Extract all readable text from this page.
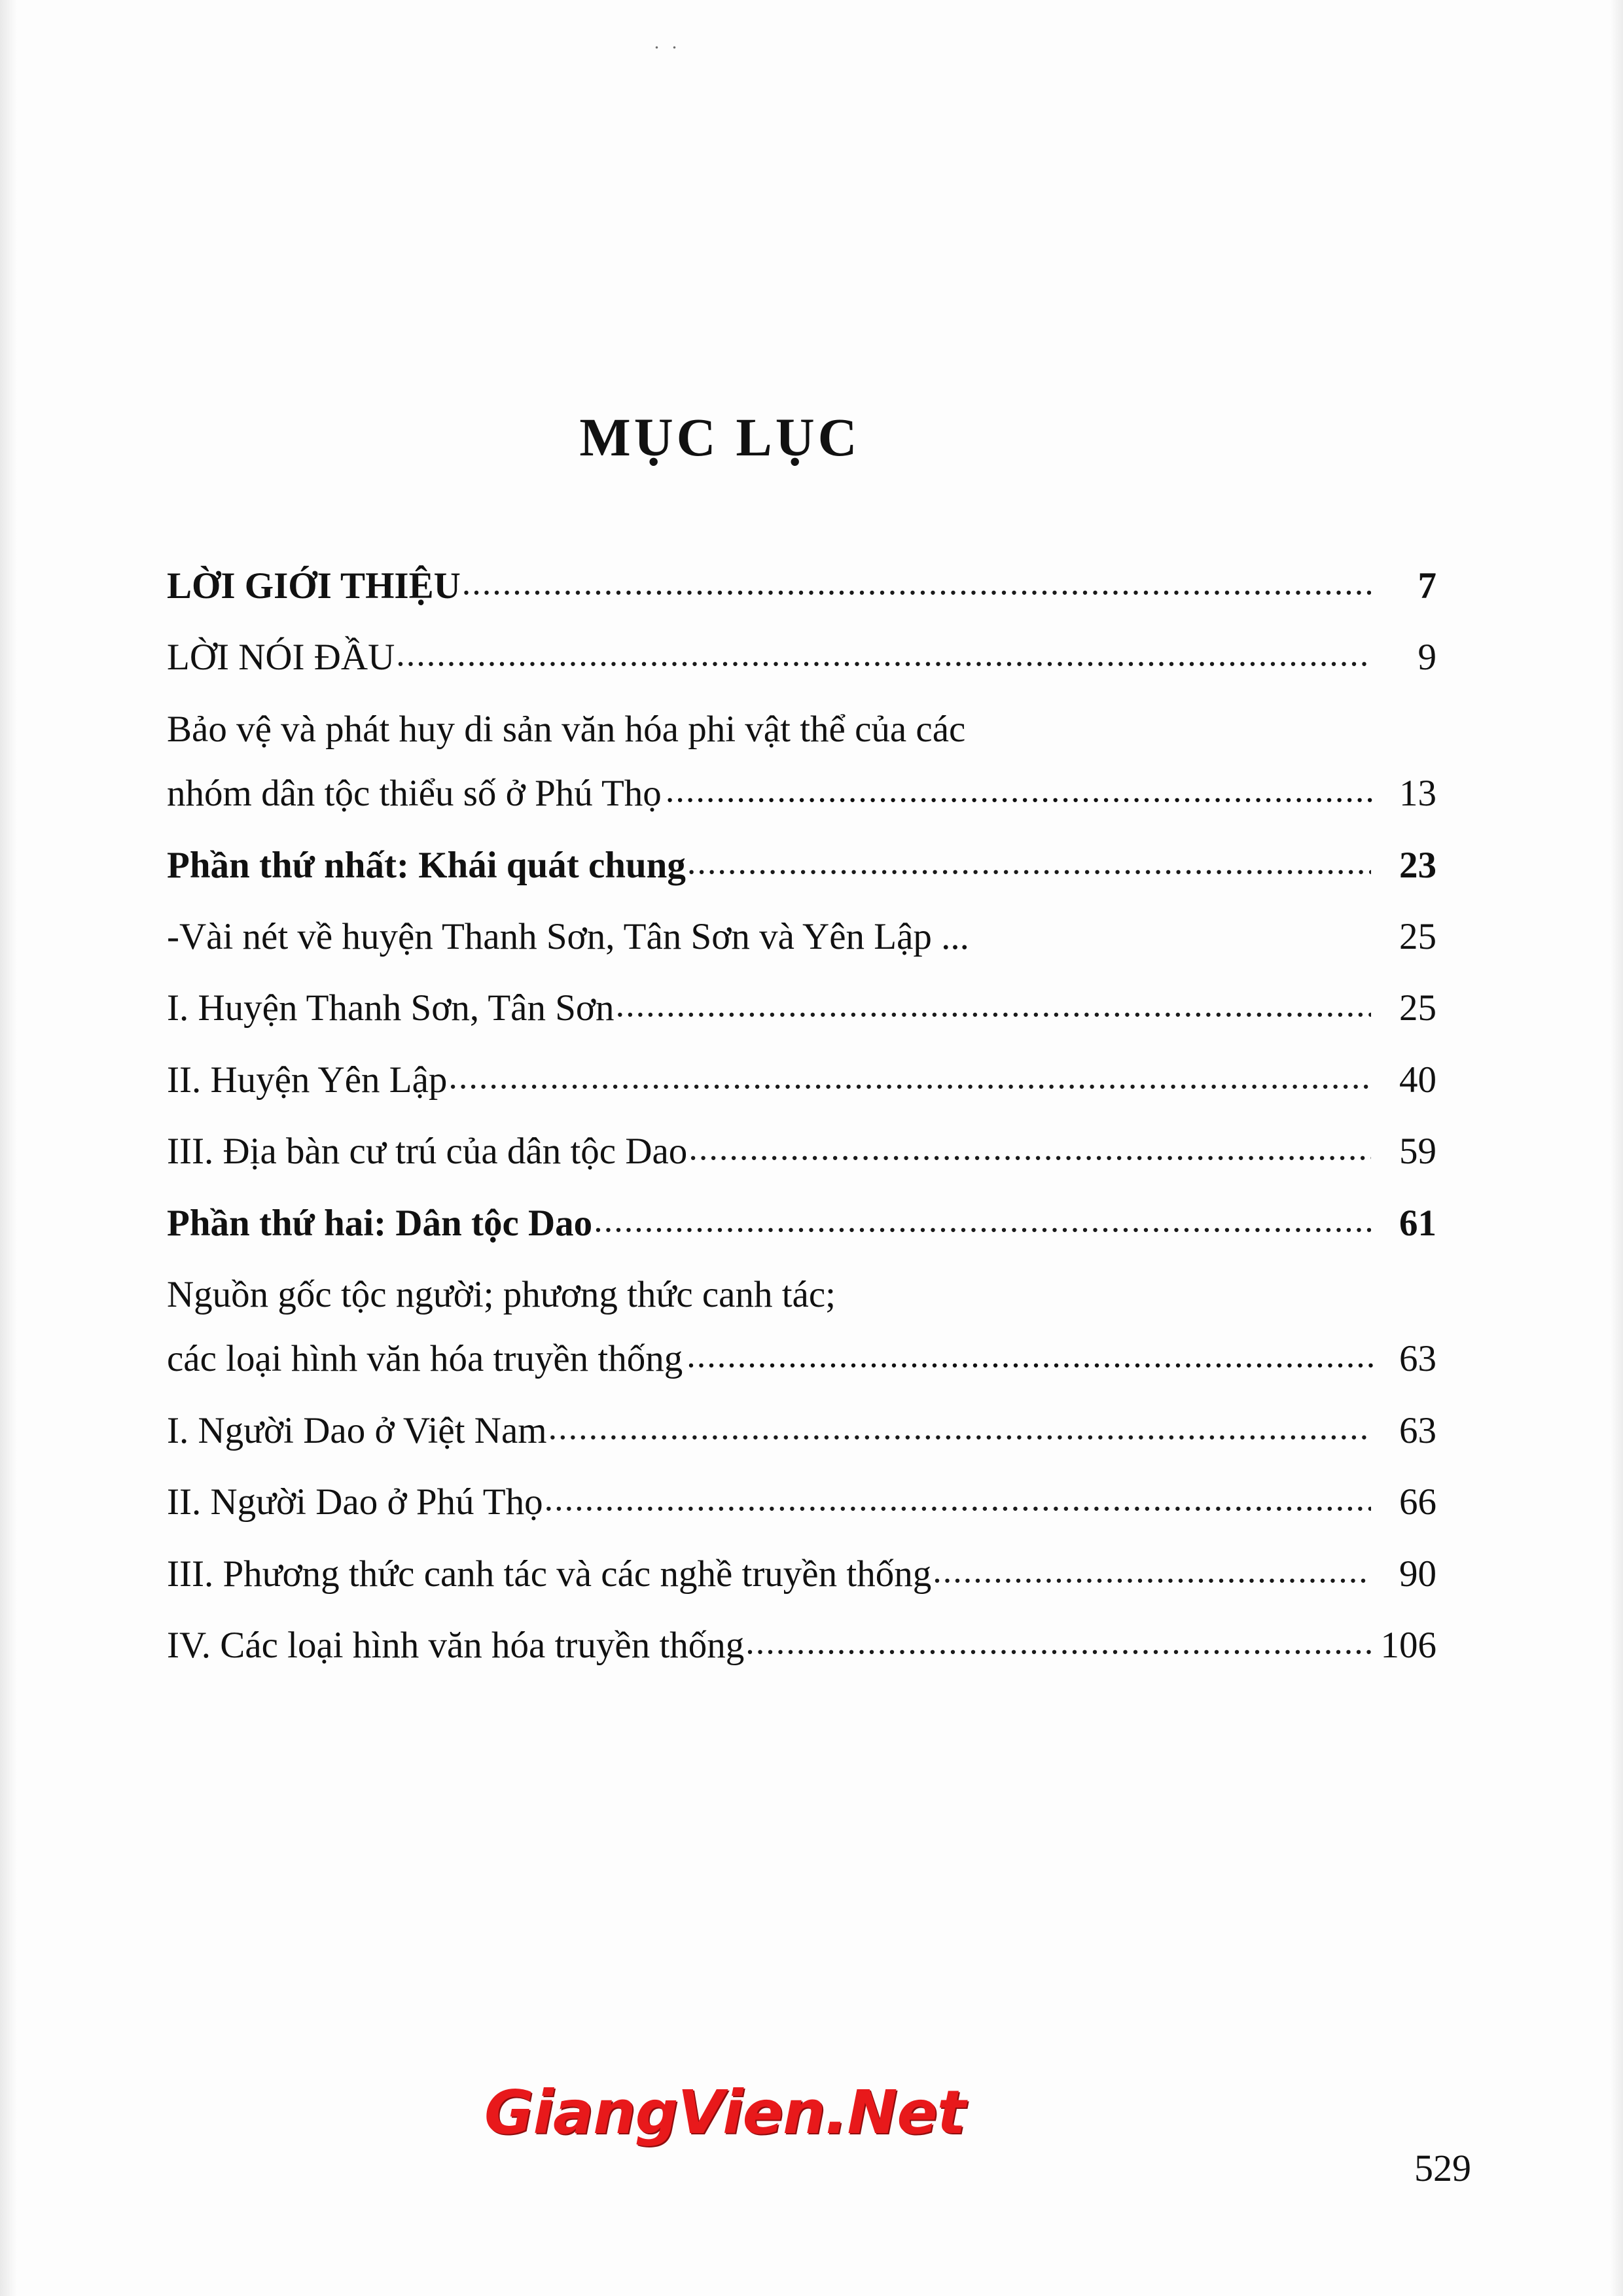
. .
MỤC LỤC
LỜI GIỚI THIỆU .....	7
LỜI NÓI ĐẦU .....	9
Bảo vệ và phát huy di sản văn hóa phi vật thể của các
nhóm dân tộc thiểu số ở Phú Thọ .....	13
Phần thứ nhất: Khái quát chung .....	23
-Vài nét về huyện Thanh Sơn, Tân Sơn và Yên Lập ...	25
I. Huyện Thanh Sơn, Tân Sơn .....	25
II. Huyện Yên Lập .....	40
III. Địa bàn cư trú của dân tộc Dao .....	59
Phần thứ hai: Dân tộc Dao .....	61
Nguồn gốc tộc người; phương thức canh tác;
các loại hình văn hóa truyền thống .....	63
I. Người Dao ở Việt Nam .....	63
II. Người Dao ở Phú Thọ .....	66
III. Phương thức canh tác và các nghề truyền thống .....	90
IV. Các loại hình văn hóa truyền thống .....	106
GiangVien.Net
529
